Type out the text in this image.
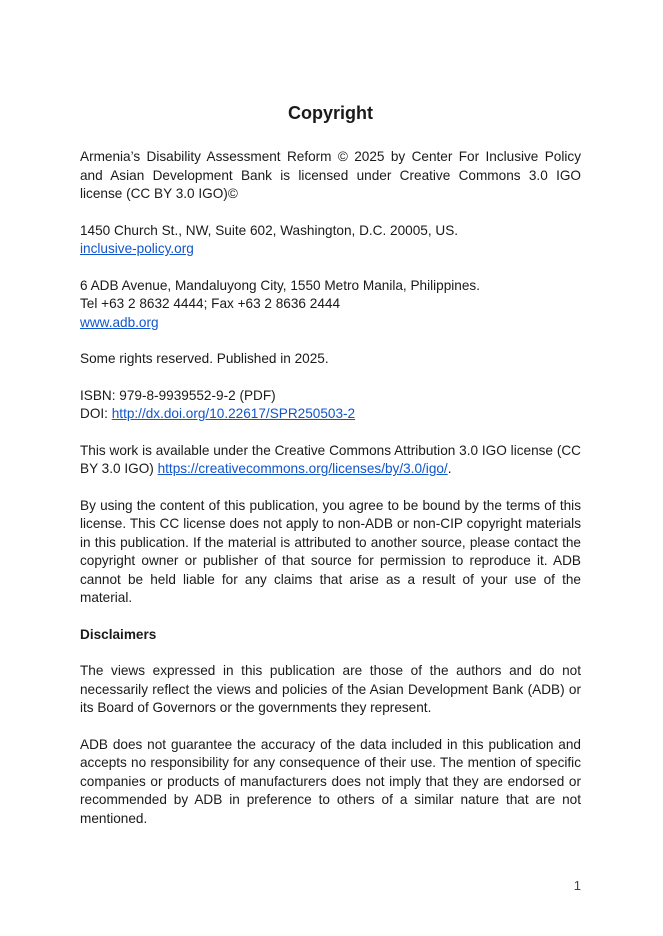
Copyright

Armenia’s Disability Assessment Reform © 2025 by Center For Inclusive Policy and Asian Development Bank is licensed under Creative Commons 3.0 IGO license (CC BY 3.0 IGO)©

1450 Church St., NW, Suite 602, Washington, D.C. 20005, US.
inclusive-policy.org

6 ADB Avenue, Mandaluyong City, 1550 Metro Manila, Philippines.
Tel +63 2 8632 4444; Fax +63 2 8636 2444
www.adb.org

Some rights reserved. Published in 2025.

ISBN: 979-8-9939552-9-2 (PDF)
DOI: http://dx.doi.org/10.22617/SPR250503-2

This work is available under the Creative Commons Attribution 3.0 IGO license (CC BY 3.0 IGO) https://creativecommons.org/licenses/by/3.0/igo/.

By using the content of this publication, you agree to be bound by the terms of this license. This CC license does not apply to non-ADB or non-CIP copyright materials in this publication. If the material is attributed to another source, please contact the copyright owner or publisher of that source for permission to reproduce it. ADB cannot be held liable for any claims that arise as a result of your use of the material.

Disclaimers

The views expressed in this publication are those of the authors and do not necessarily reflect the views and policies of the Asian Development Bank (ADB) or its Board of Governors or the governments they represent.

ADB does not guarantee the accuracy of the data included in this publication and accepts no responsibility for any consequence of their use. The mention of specific companies or products of manufacturers does not imply that they are endorsed or recommended by ADB in preference to others of a similar nature that are not mentioned.

1
